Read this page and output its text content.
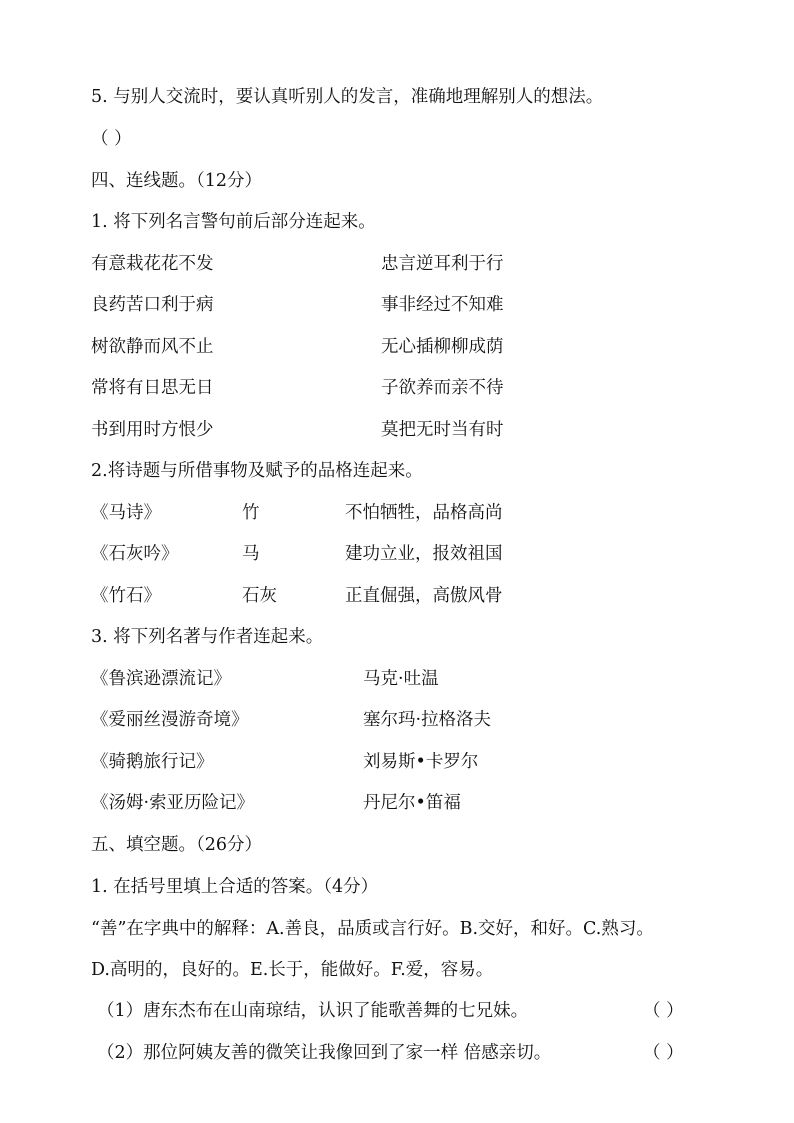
5. 与别人交流时，要认真听别人的发言，准确地理解别人的想法。
（ ）
四、连线题。（12分）
1. 将下列名言警句前后部分连起来。
有意栽花花不发	忠言逆耳利于行
良药苦口利于病	事非经过不知难
树欲静而风不止	无心插柳柳成荫
常将有日思无日	子欲养而亲不待
书到用时方恨少	莫把无时当有时
2.将诗题与所借事物及赋予的品格连起来。
《马诗》	竹	不怕牺牲，品格高尚
《石灰吟》	马	建功立业，报效祖国
《竹石》	石灰	正直倔强，高傲风骨
3. 将下列名著与作者连起来。
《鲁滨逊漂流记》	马克·吐温
《爱丽丝漫游奇境》	塞尔玛·拉格洛夫
《骑鹅旅行记》	刘易斯•卡罗尔
《汤姆·索亚历险记》	丹尼尔•笛福
五、填空题。（26分）
1. 在括号里填上合适的答案。（4分）
“善”在字典中的解释：A.善良，品质或言行好。B.交好，和好。C.熟习。
D.高明的，良好的。E.长于，能做好。F.爱，容易。
（1）唐东杰布在山南琼结，认识了能歌善舞的七兄妹。	（ ）
（2）那位阿姨友善的微笑让我像回到了家一样 倍感亲切。	（ ）
